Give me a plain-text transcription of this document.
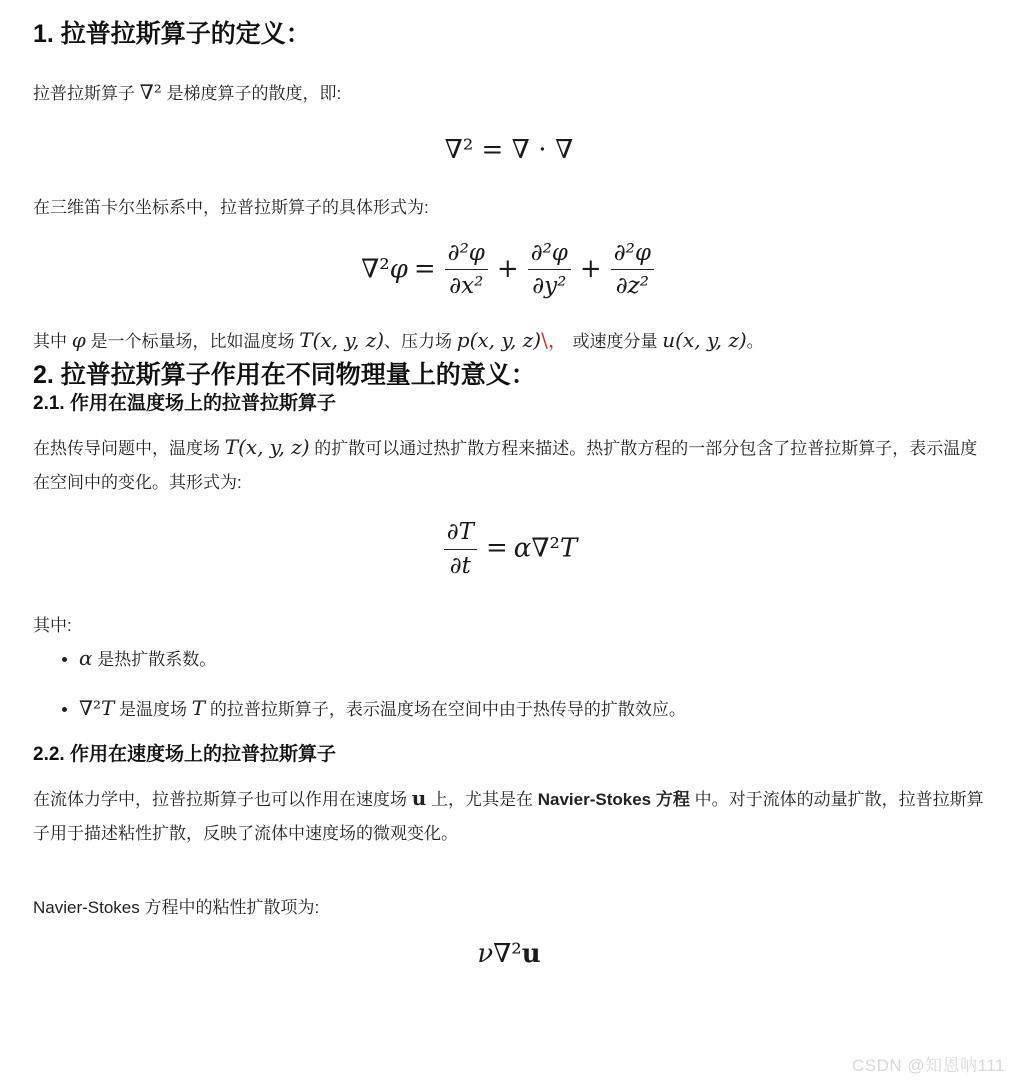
1. 拉普拉斯算子的定义：

拉普拉斯算子 ∇² 是梯度算子的散度，即:

∇² = ∇ ⋅ ∇

在三维笛卡尔坐标系中，拉普拉斯算子的具体形式为:

$\nabla^2\varphi = \frac{\text{∂²φ}}{\text{∂x²}} + \frac{\text{∂²φ}}{\text{∂y²}} + \frac{\text{∂²φ}}{\text{∂z²}}$

其中 φ 是一个标量场，比如温度场 T(x, y, z)、压力场 p(x, y, z)\， 或速度分量 u(x, y, z)。

2. 拉普拉斯算子作用在不同物理量上的意义：
2.1. 作用在温度场上的拉普拉斯算子

在热传导问题中，温度场 T(x, y, z) 的扩散可以通过热扩散方程来描述。热扩散方程的一部分包含了拉普拉斯算子，表示温度在空间中的变化。其形式为:

$\frac{\partial T}{\partial t} = \alpha\nabla^2T$

其中:

• α 是热扩散系数。
• ∇²T 是温度场 T 的拉普拉斯算子，表示温度场在空间中由于热传导的扩散效应。
2.2. 作用在速度场上的拉普拉斯算子

在流体力学中，拉普拉斯算子也可以作用在速度场 u 上，尤其是在 Navier-Stokes 方程 中。对于流体的动量扩散，拉普拉斯算子用于描述粘性扩散，反映了流体中速度场的微观变化。

Navier-Stokes 方程中的粘性扩散项为:

ν∇²u
CSDN @知恩呐111
